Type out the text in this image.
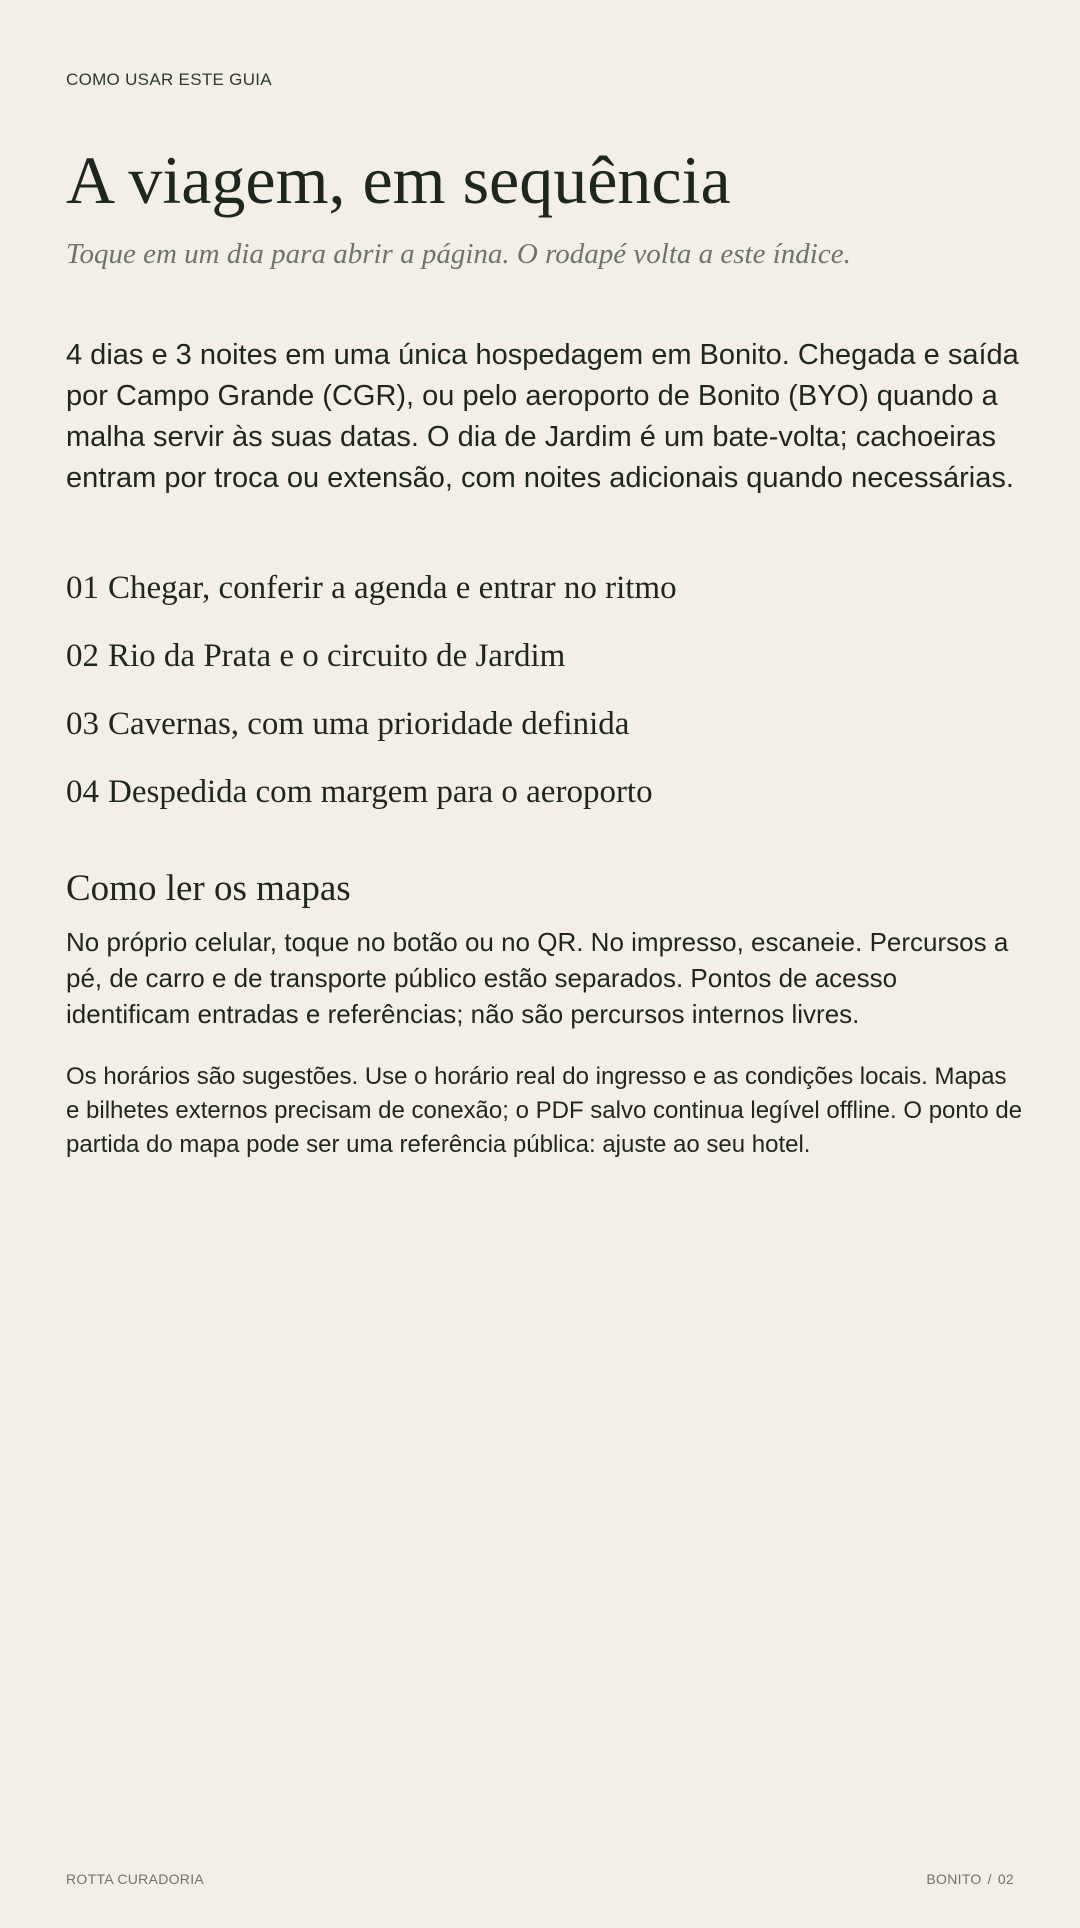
COMO USAR ESTE GUIA
A viagem, em sequência
Toque em um dia para abrir a página. O rodapé volta a este índice.

4 dias e 3 noites em uma única hospedagem em Bonito. Chegada e saída por Campo Grande (CGR), ou pelo aeroporto de Bonito (BYO) quando a malha servir às suas datas. O dia de Jardim é um bate-volta; cachoeiras entram por troca ou extensão, com noites adicionais quando necessárias.

01 Chegar, conferir a agenda e entrar no ritmo
02 Rio da Prata e o circuito de Jardim
03 Cavernas, com uma prioridade definida
04 Despedida com margem para o aeroporto
Como ler os mapas

No próprio celular, toque no botão ou no QR. No impresso, escaneie. Percursos a pé, de carro e de transporte público estão separados. Pontos de acesso identificam entradas e referências; não são percursos internos livres.

Os horários são sugestões. Use o horário real do ingresso e as condições locais. Mapas e bilhetes externos precisam de conexão; o PDF salvo continua legível offline. O ponto de partida do mapa pode ser uma referência pública: ajuste ao seu hotel.

ROTTA CURADORIA	BONITO / 02
